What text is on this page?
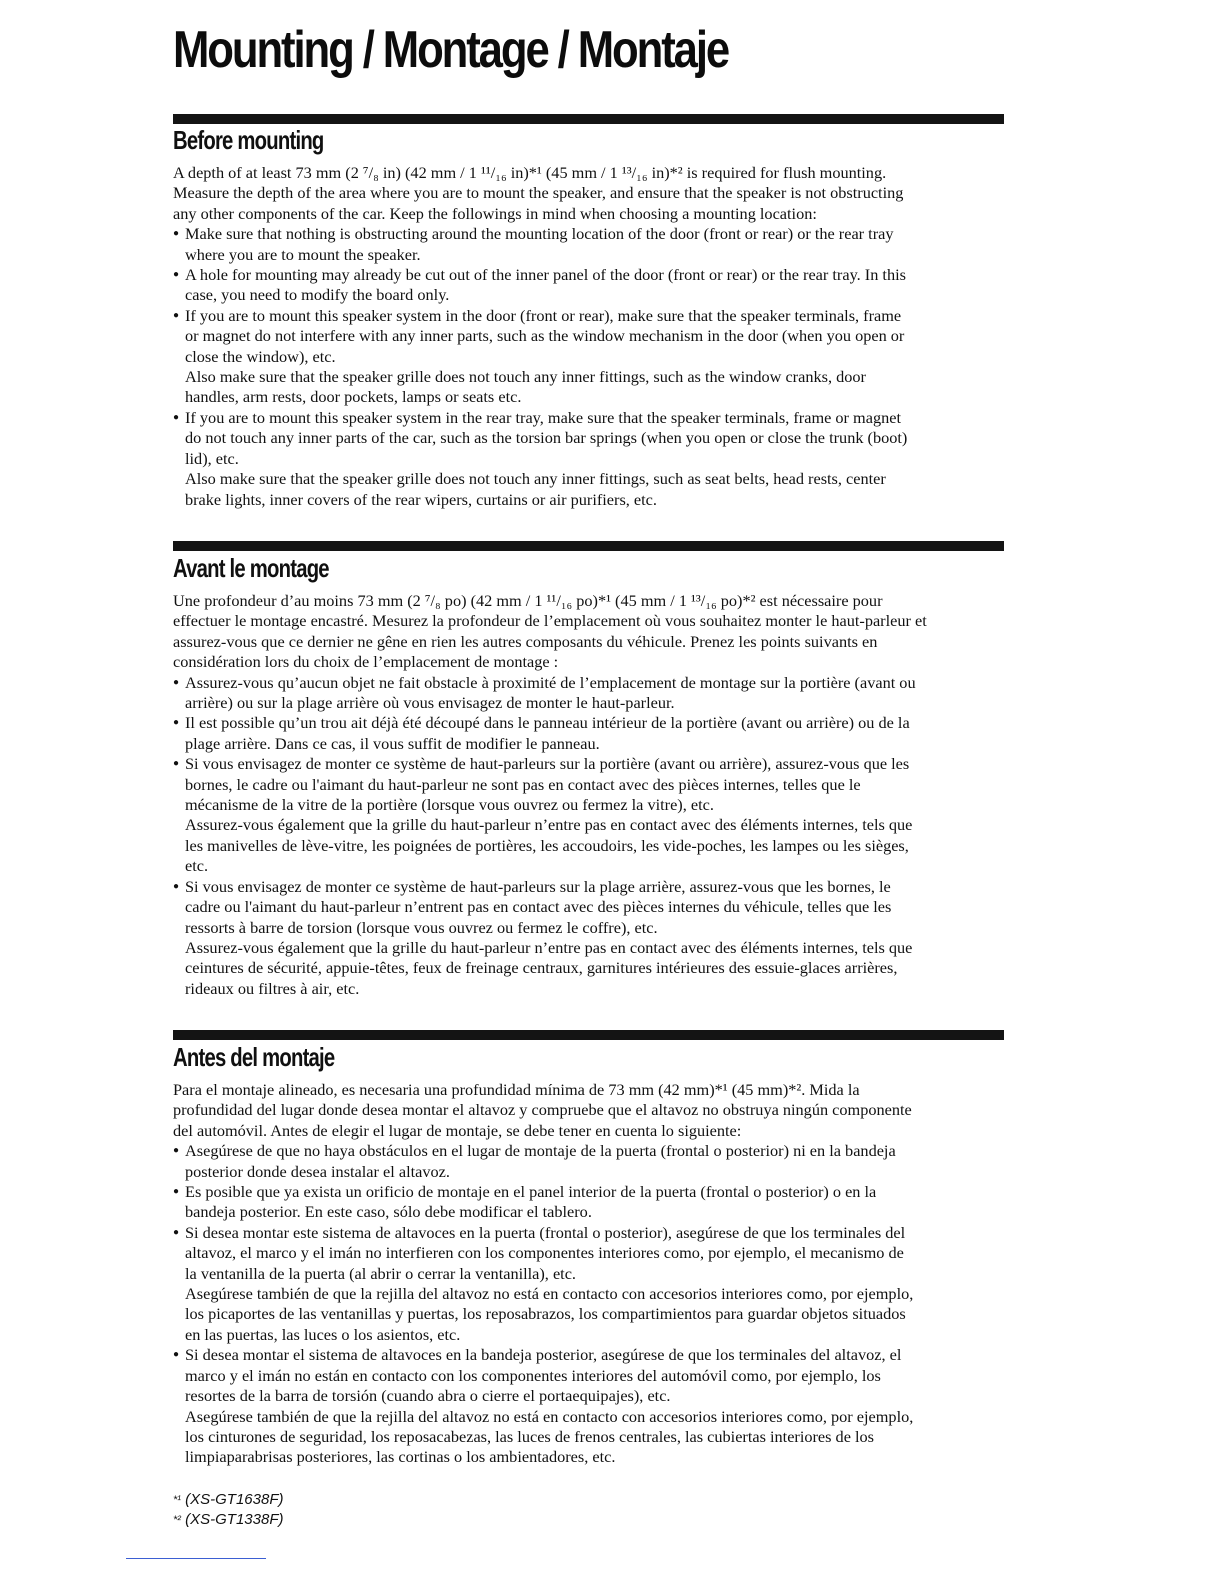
Mounting / Montage / Montaje
Before mounting

A depth of at least 73 mm (2 ⁷/₈ in) (42 mm / 1 ¹¹/₁₆ in)*¹ (45 mm / 1 ¹³/₁₆ in)*² is required for flush mounting.
Measure the depth of the area where you are to mount the speaker, and ensure that the speaker is not obstructing
any other components of the car. Keep the followings in mind when choosing a mounting location:

● Make sure that nothing is obstructing around the mounting location of the door (front or rear) or the rear tray
where you are to mount the speaker.
● A hole for mounting may already be cut out of the inner panel of the door (front or rear) or the rear tray. In this
case, you need to modify the board only.
● If you are to mount this speaker system in the door (front or rear), make sure that the speaker terminals, frame
or magnet do not interfere with any inner parts, such as the window mechanism in the door (when you open or
close the window), etc.
Also make sure that the speaker grille does not touch any inner fittings, such as the window cranks, door
handles, arm rests, door pockets, lamps or seats etc.
● If you are to mount this speaker system in the rear tray, make sure that the speaker terminals, frame or magnet
do not touch any inner parts of the car, such as the torsion bar springs (when you open or close the trunk (boot)
lid), etc.
Also make sure that the speaker grille does not touch any inner fittings, such as seat belts, head rests, center
brake lights, inner covers of the rear wipers, curtains or air purifiers, etc.
Avant le montage

Une profondeur d’au moins 73 mm (2 ⁷/₈ po) (42 mm / 1 ¹¹/₁₆ po)*¹ (45 mm / 1 ¹³/₁₆ po)*² est nécessaire pour
effectuer le montage encastré. Mesurez la profondeur de l’emplacement où vous souhaitez monter le haut-parleur et
assurez-vous que ce dernier ne gêne en rien les autres composants du véhicule. Prenez les points suivants en
considération lors du choix de l’emplacement de montage :

● Assurez-vous qu’aucun objet ne fait obstacle à proximité de l’emplacement de montage sur la portière (avant ou
arrière) ou sur la plage arrière où vous envisagez de monter le haut-parleur.
● Il est possible qu’un trou ait déjà été découpé dans le panneau intérieur de la portière (avant ou arrière) ou de la
plage arrière. Dans ce cas, il vous suffit de modifier le panneau.
● Si vous envisagez de monter ce système de haut-parleurs sur la portière (avant ou arrière), assurez-vous que les
bornes, le cadre ou l'aimant du haut-parleur ne sont pas en contact avec des pièces internes, telles que le
mécanisme de la vitre de la portière (lorsque vous ouvrez ou fermez la vitre), etc.
Assurez-vous également que la grille du haut-parleur n’entre pas en contact avec des éléments internes, tels que
les manivelles de lève-vitre, les poignées de portières, les accoudoirs, les vide-poches, les lampes ou les sièges,
etc.
● Si vous envisagez de monter ce système de haut-parleurs sur la plage arrière, assurez-vous que les bornes, le
cadre ou l'aimant du haut-parleur n’entrent pas en contact avec des pièces internes du véhicule, telles que les
ressorts à barre de torsion (lorsque vous ouvrez ou fermez le coffre), etc.
Assurez-vous également que la grille du haut-parleur n’entre pas en contact avec des éléments internes, tels que
ceintures de sécurité, appuie-têtes, feux de freinage centraux, garnitures intérieures des essuie-glaces arrières,
rideaux ou filtres à air, etc.
Antes del montaje

Para el montaje alineado, es necesaria una profundidad mínima de 73 mm (42 mm)*¹ (45 mm)*². Mida la
profundidad del lugar donde desea montar el altavoz y compruebe que el altavoz no obstruya ningún componente
del automóvil. Antes de elegir el lugar de montaje, se debe tener en cuenta lo siguiente:

● Asegúrese de que no haya obstáculos en el lugar de montaje de la puerta (frontal o posterior) ni en la bandeja
posterior donde desea instalar el altavoz.
● Es posible que ya exista un orificio de montaje en el panel interior de la puerta (frontal o posterior) o en la
bandeja posterior. En este caso, sólo debe modificar el tablero.
● Si desea montar este sistema de altavoces en la puerta (frontal o posterior), asegúrese de que los terminales del
altavoz, el marco y el imán no interfieren con los componentes interiores como, por ejemplo, el mecanismo de
la ventanilla de la puerta (al abrir o cerrar la ventanilla), etc.
Asegúrese también de que la rejilla del altavoz no está en contacto con accesorios interiores como, por ejemplo,
los picaportes de las ventanillas y puertas, los reposabrazos, los compartimientos para guardar objetos situados
en las puertas, las luces o los asientos, etc.
● Si desea montar el sistema de altavoces en la bandeja posterior, asegúrese de que los terminales del altavoz, el
marco y el imán no están en contacto con los componentes interiores del automóvil como, por ejemplo, los
resortes de la barra de torsión (cuando abra o cierre el portaequipajes), etc.
Asegúrese también de que la rejilla del altavoz no está en contacto con accesorios interiores como, por ejemplo,
los cinturones de seguridad, los reposacabezas, las luces de frenos centrales, las cubiertas interiores de los
limpiaparabrisas posteriores, las cortinas o los ambientadores, etc.
$^{*^1}$ (XS-GT1638F)
$^{*^2}$ (XS-GT1338F)
